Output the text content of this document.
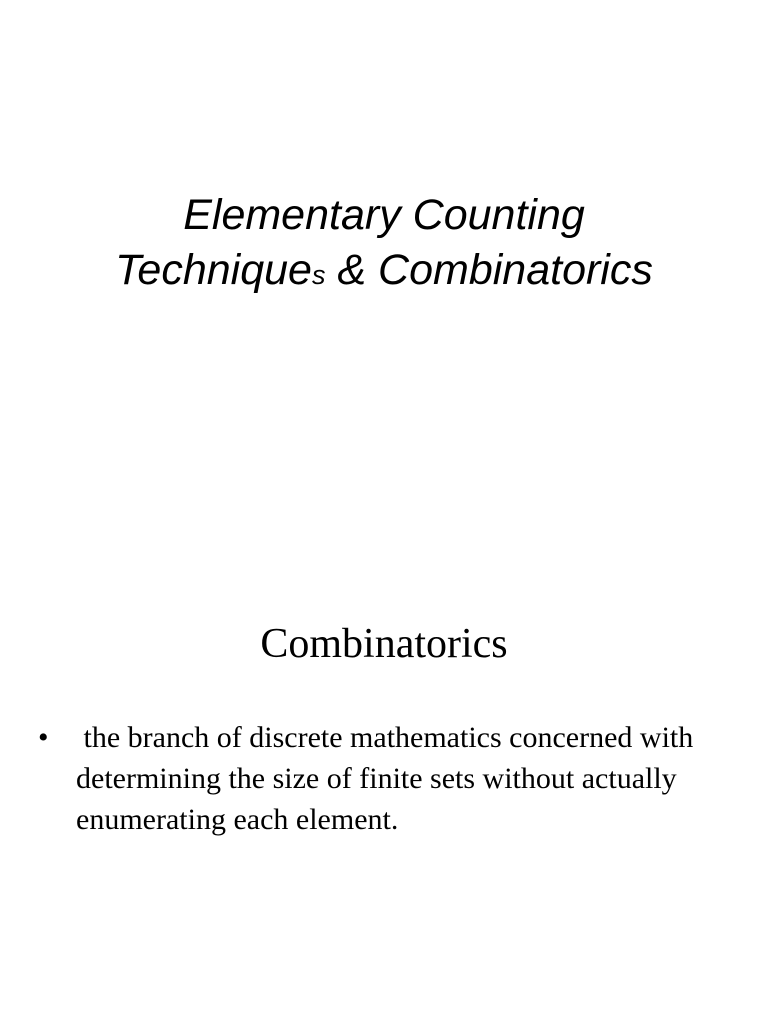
Elementary Counting
Techniques & Combinatorics
Combinatorics
• the branch of discrete mathematics concerned with determining the size of finite sets without actually enumerating each element.
